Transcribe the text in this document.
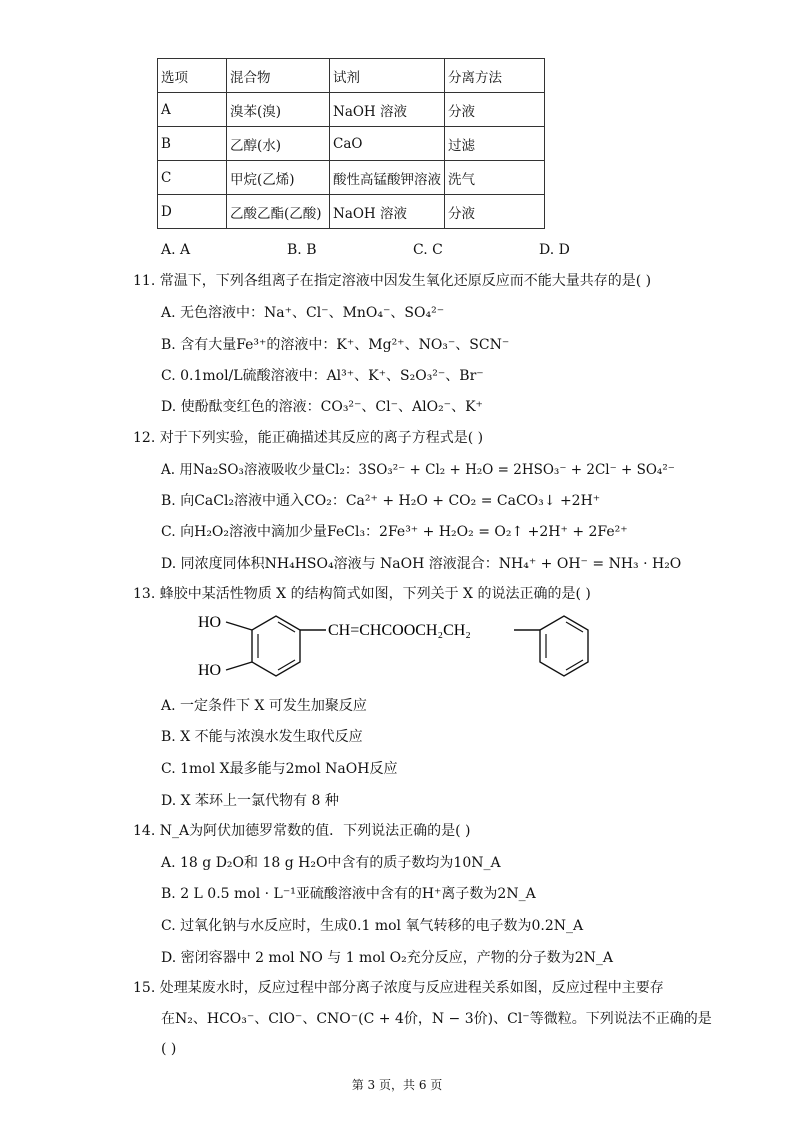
选项	混合物	试剂	分离方法
A	溴苯(溴)	NaOH 溶液	分液
B	乙醇(水)	CaO	过滤
C	甲烷(乙烯)	酸性高锰酸钾溶液	洗气
D	乙酸乙酯(乙酸)	NaOH 溶液	分液
A. A	B. B	C. C	D. D
11. 常温下，下列各组离子在指定溶液中因发生氧化还原反应而不能大量共存的是( )
A. 无色溶液中：Na⁺、Cl⁻、MnO₄⁻、SO₄²⁻
B. 含有大量Fe³⁺的溶液中：K⁺、Mg²⁺、NO₃⁻、SCN⁻
C. 0.1mol/L硫酸溶液中：Al³⁺、K⁺、S₂O₃²⁻、Br⁻
D. 使酚酞变红色的溶液：CO₃²⁻、Cl⁻、AlO₂⁻、K⁺
12. 对于下列实验，能正确描述其反应的离子方程式是( )
A. 用Na₂SO₃溶液吸收少量Cl₂：3SO₃²⁻ + Cl₂ + H₂O = 2HSO₃⁻ + 2Cl⁻ + SO₄²⁻
B. 向CaCl₂溶液中通入CO₂：Ca²⁺ + H₂O + CO₂ = CaCO₃↓ +2H⁺
C. 向H₂O₂溶液中滴加少量FeCl₃：2Fe³⁺ + H₂O₂ = O₂↑ +2H⁺ + 2Fe²⁺
D. 同浓度同体积NH₄HSO₄溶液与 NaOH 溶液混合：NH₄⁺ + OH⁻ = NH₃ · H₂O
13. 蜂胶中某活性物质 X 的结构简式如图，下列关于 X 的说法正确的是( )
HO
HO
CH=CHCOOCH₂CH₂
A. 一定条件下 X 可发生加聚反应
B. X 不能与浓溴水发生取代反应
C. 1mol X最多能与2mol NaOH反应
D. X 苯环上一氯代物有 8 种
14. N_A为阿伏加德罗常数的值．下列说法正确的是( )
A. 18 g D₂O和 18 g H₂O中含有的质子数均为10N_A
B. 2 L 0.5 mol · L⁻¹亚硫酸溶液中含有的H⁺离子数为2N_A
C. 过氧化钠与水反应时，生成0.1 mol 氧气转移的电子数为0.2N_A
D. 密闭容器中 2 mol NO 与 1 mol O₂充分反应，产物的分子数为2N_A
15. 处理某废水时，反应过程中部分离子浓度与反应进程关系如图，反应过程中主要存
在N₂、HCO₃⁻、ClO⁻、CNO⁻(C + 4价，N − 3价)、Cl⁻等微粒。下列说法不正确的是
( )
第 3 页，共 6 页
